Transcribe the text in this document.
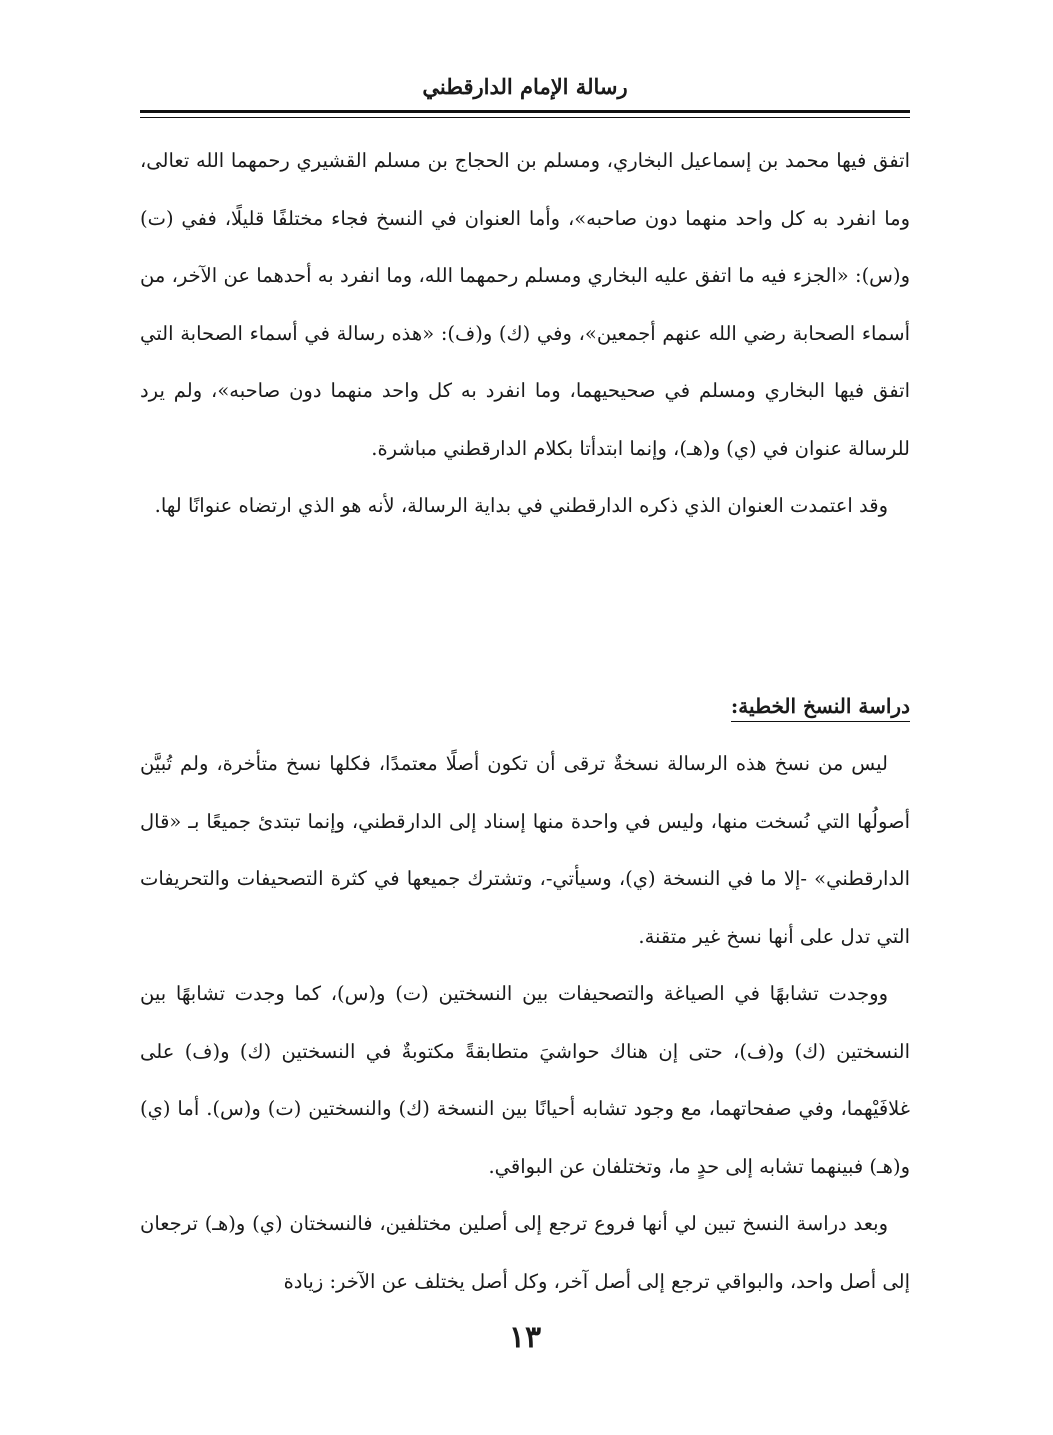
رسالة الإمام الدارقطني

اتفق فيها محمد بن إسماعيل البخاري، ومسلم بن الحجاج بن مسلم القشيري رحمهما الله تعالى، وما انفرد به كل واحد منهما دون صاحبه»، وأما العنوان في النسخ فجاء مختلفًا قليلًا، ففي (ت) و(س): «الجزء فيه ما اتفق عليه البخاري ومسلم رحمهما الله، وما انفرد به أحدهما عن الآخر، من أسماء الصحابة رضي الله عنهم أجمعين»، وفي (ك) و(ف): «هذه رسالة في أسماء الصحابة التي اتفق فيها البخاري ومسلم في صحيحيهما، وما انفرد به كل واحد منهما دون صاحبه»، ولم يرد للرسالة عنوان في (ي) و(هـ)، وإنما ابتدأتا بكلام الدارقطني مباشرة.

وقد اعتمدت العنوان الذي ذكره الدارقطني في بداية الرسالة، لأنه هو الذي ارتضاه عنوانًا لها.

دراسة النسخ الخطية:

ليس من نسخ هذه الرسالة نسخةٌ ترقى أن تكون أصلًا معتمدًا، فكلها نسخ متأخرة، ولم تُبيَّن أصولُها التي نُسخت منها، وليس في واحدة منها إسناد إلى الدارقطني، وإنما تبتدئ جميعًا بـ «قال الدارقطني» -إلا ما في النسخة (ي)، وسيأتي-، وتشترك جميعها في كثرة التصحيفات والتحريفات التي تدل على أنها نسخ غير متقنة.

ووجدت تشابهًا في الصياغة والتصحيفات بين النسختين (ت) و(س)، كما وجدت تشابهًا بين النسختين (ك) و(ف)، حتى إن هناك حواشيَ متطابقةً مكتوبةٌ في النسختين (ك) و(ف) على غلافَيْهما، وفي صفحاتهما، مع وجود تشابه أحيانًا بين النسخة (ك) والنسختين (ت) و(س). أما (ي) و(هـ) فبينهما تشابه إلى حدٍ ما، وتختلفان عن البواقي.

وبعد دراسة النسخ تبين لي أنها فروع ترجع إلى أصلين مختلفين، فالنسختان (ي) و(هـ) ترجعان إلى أصل واحد، والبواقي ترجع إلى أصل آخر، وكل أصل يختلف عن الآخر: زيادة

١٣
